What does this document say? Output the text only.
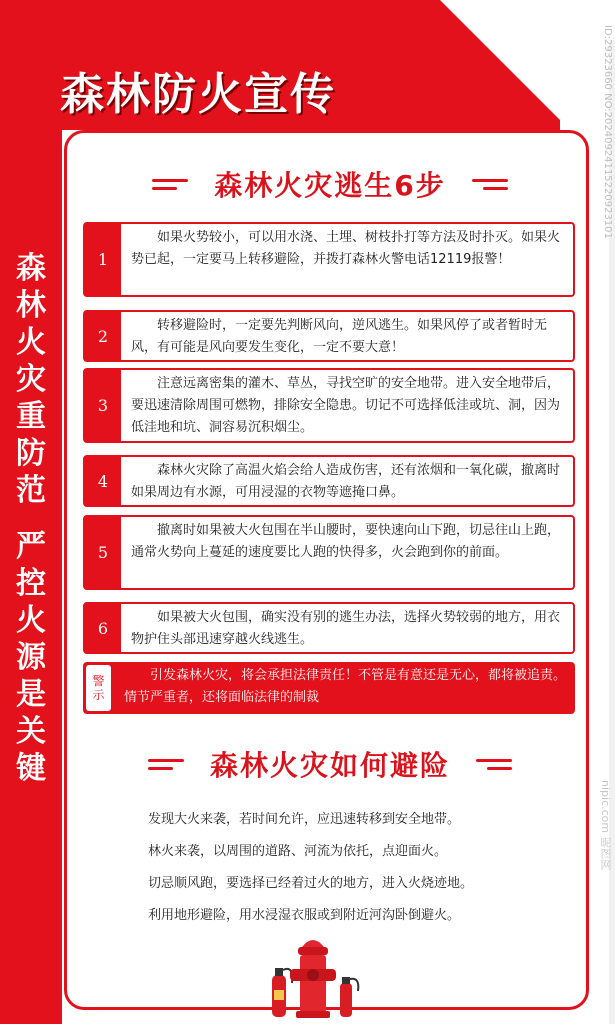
森林防火宣传
森
林
火
灾
重
防
范
严
控
火
源
是
关
键
ID:29323660 NO:20240924115220923101
nipic.com 昵图网
森林火灾逃生6步
1
如果火势较小，可以用水浇、土埋、树枝扑打等方法及时扑灭。如果火势已起，一定要马上转移避险，并拨打森林火警电话12119报警！
2
转移避险时，一定要先判断风向，逆风逃生。如果风停了或者暂时无风，有可能是风向要发生变化，一定不要大意！
3
注意远离密集的灌木、草丛，寻找空旷的安全地带。进入安全地带后，要迅速清除周围可燃物，排除安全隐患。切记不可选择低洼或坑、洞，因为低洼地和坑、洞容易沉积烟尘。
4
森林火灾除了高温火焰会给人造成伤害，还有浓烟和一氧化碳，撤离时如果周边有水源，可用浸湿的衣物等遮掩口鼻。
5
撤离时如果被大火包围在半山腰时，要快速向山下跑，切忌往山上跑，通常火势向上蔓延的速度要比人跑的快得多，火会跑到你的前面。
6
如果被大火包围，确实没有别的逃生办法，选择火势较弱的地方，用衣物护住头部迅速穿越火线逃生。
警
示
引发森林火灾，将会承担法律责任！不管是有意还是无心，都将被追责。情节严重者，还将面临法律的制裁
森林火灾如何避险

发现大火来袭，若时间允许，应迅速转移到安全地带。

林火来袭，以周围的道路、河流为依托，点迎面火。

切忌顺风跑，要选择已经着过火的地方，进入火烧迹地。

利用地形避险，用水浸湿衣服或到附近河沟卧倒避火。
